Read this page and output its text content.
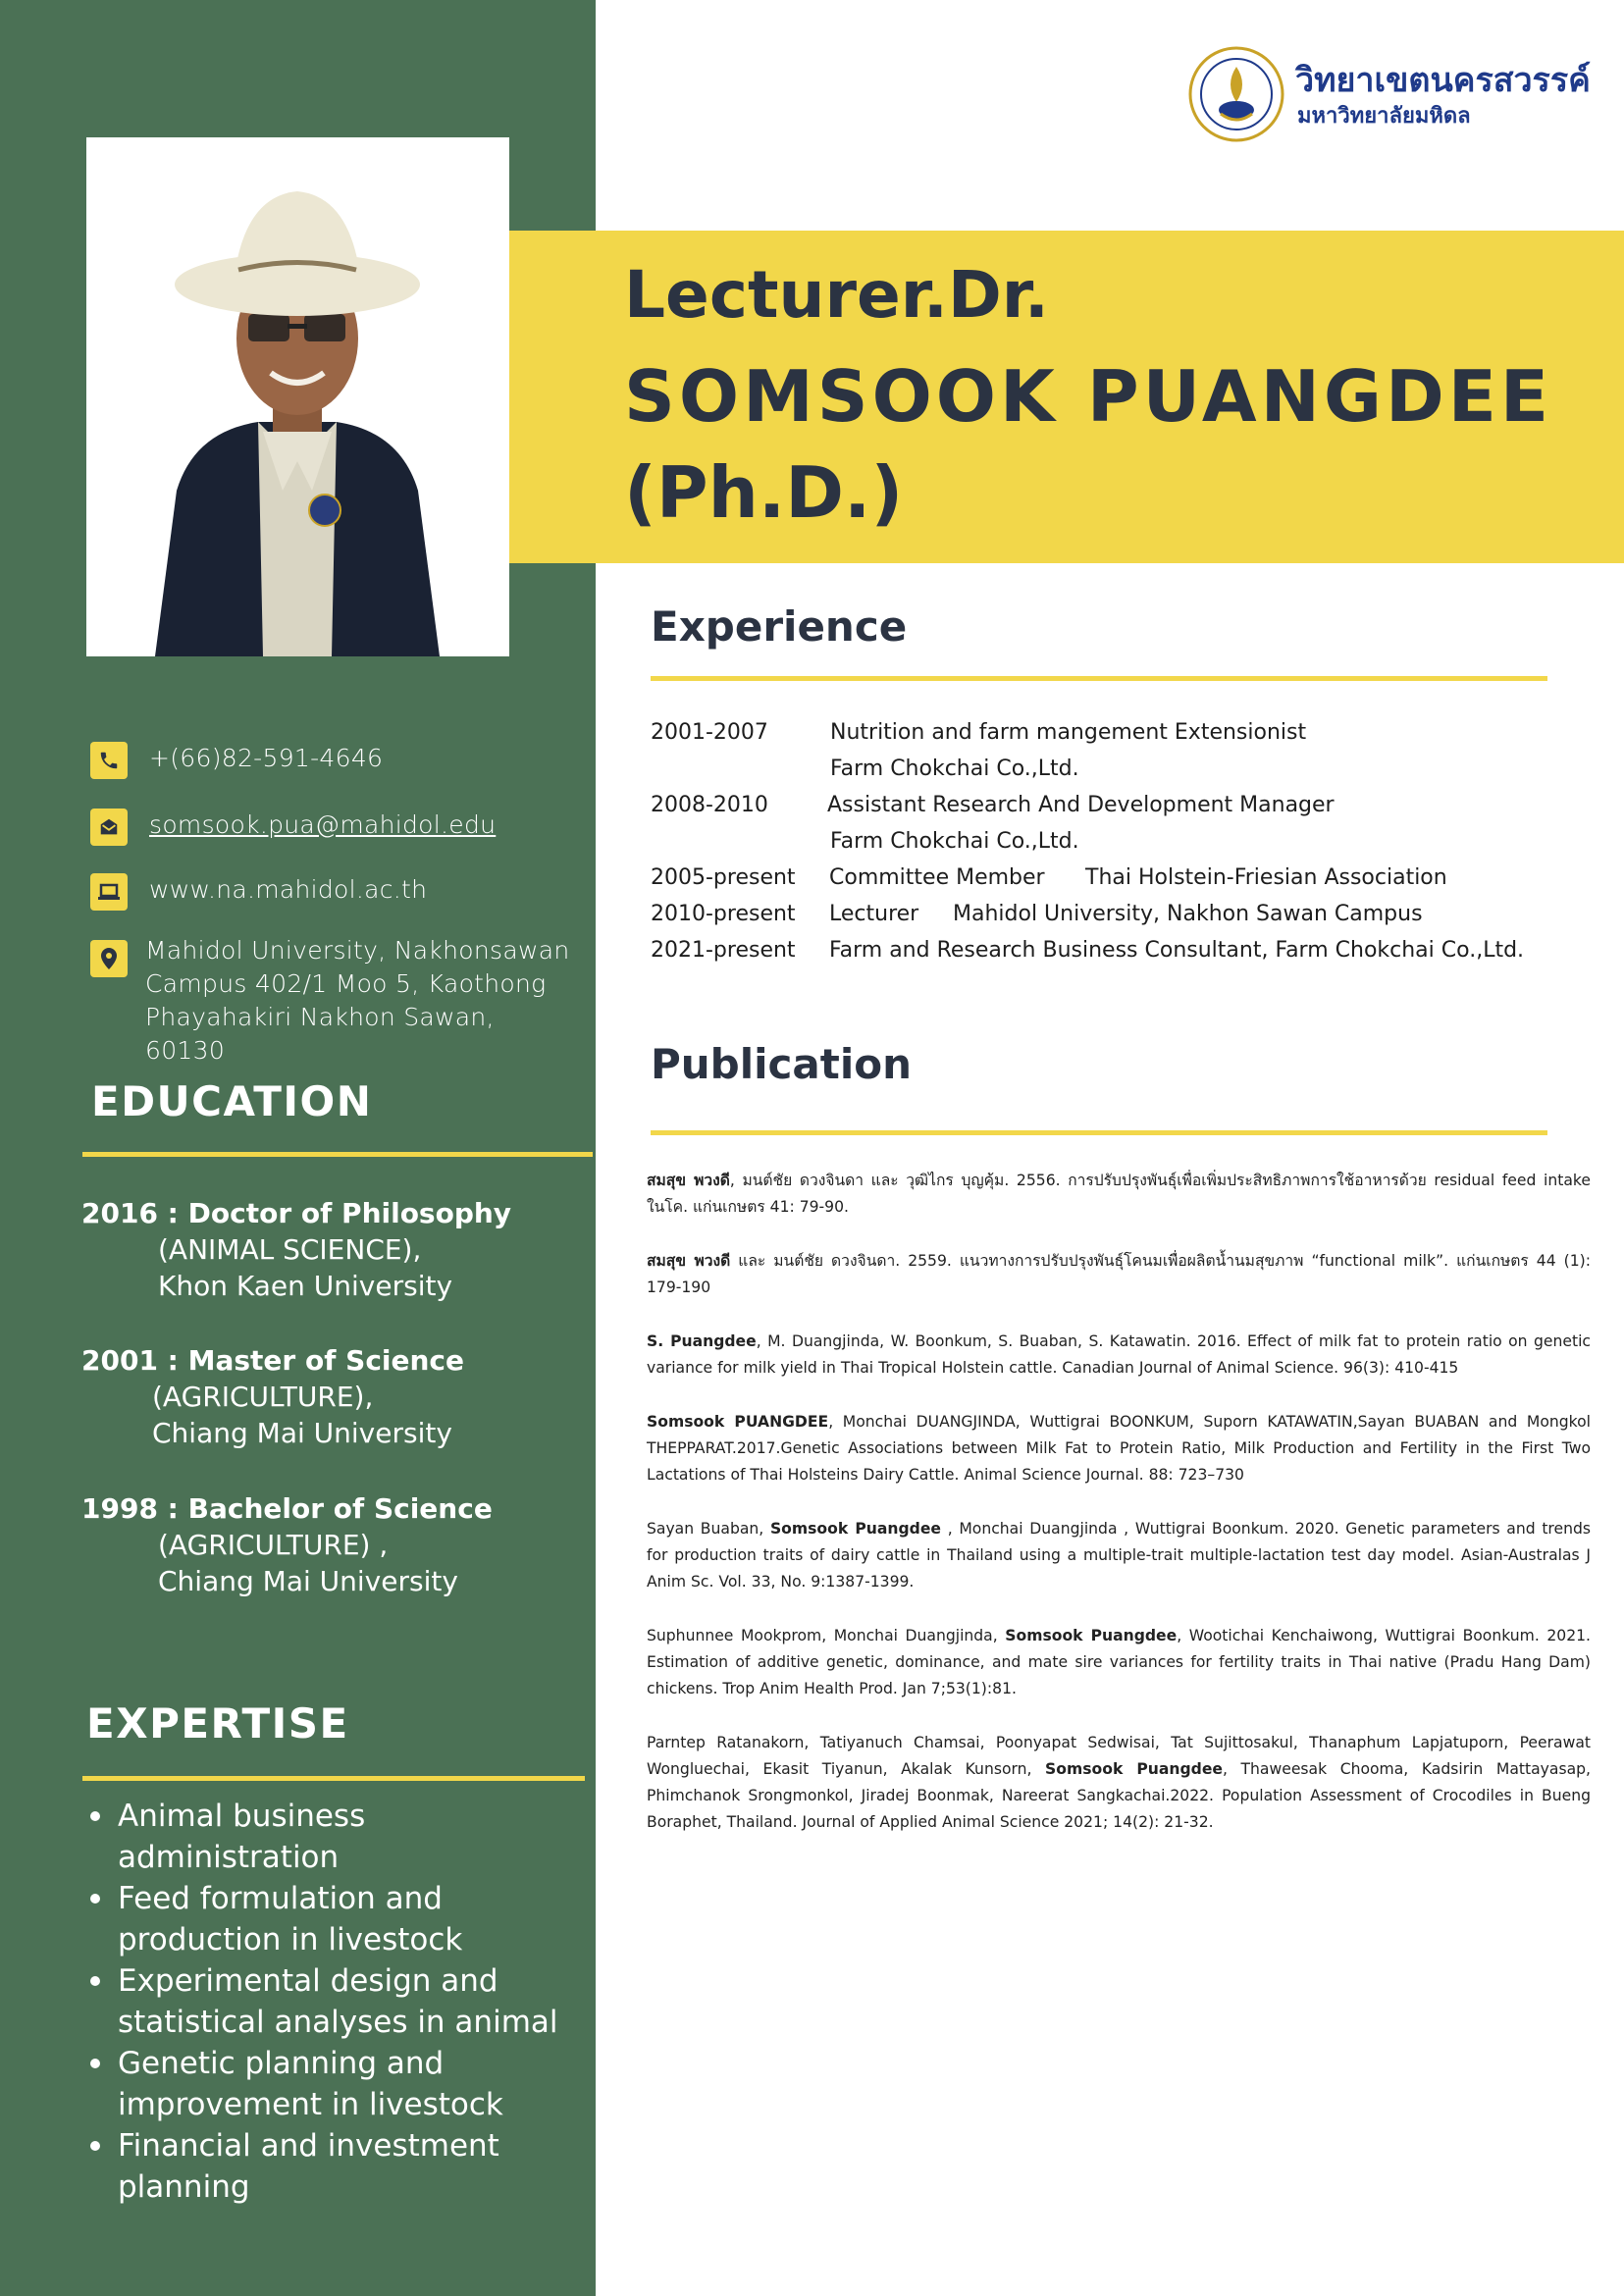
+(66)82-591-4646
somsook.pua@mahidol.edu
www.na.mahidol.ac.th
Mahidol University, Nakhonsawan
Campus 402/1 Moo 5, Kaothong
Phayahakiri Nakhon Sawan, 60130
EDUCATION
2016 : Doctor of Philosophy
(ANIMAL SCIENCE),
Khon Kaen University
2001 : Master of Science
(AGRICULTURE),
Chiang Mai University
1998 : Bachelor of Science
(AGRICULTURE) ,
Chiang Mai University
EXPERTISE
Animal business
administration
Feed formulation and
production in livestock
Experimental design and
statistical analyses in animal
Genetic planning and
improvement in livestock
Financial and investment
planning
วิทยาเขตนครสวรรค์
มหาวิทยาลัยมหิดล
Lecturer.Dr.
SOMSOOK PUANGDEE
(Ph.D.)
Experience
2001-2007	Nutrition and farm mangement Extensionist
Farm Chokchai Co.,Ltd.
2008-2010	Assistant Research And Development Manager
Farm Chokchai Co.,Ltd.
2005-present Committee Member Thai Holstein-Friesian Association
2010-present Lecturer Mahidol University, Nakhon Sawan Campus
2021-present Farm and Research Business Consultant, Farm Chokchai Co.,Ltd.
Publication
สมสุข พวงดี, มนต์ชัย ดวงจินดา และ วุฒิไกร บุญคุ้ม. 2556. การปรับปรุงพันธุ์เพื่อเพิ่มประสิทธิภาพการใช้อาหารด้วย residual feed intake ในโค. แก่นเกษตร 41: 79-90.
สมสุข พวงดี และ มนต์ชัย ดวงจินดา. 2559. แนวทางการปรับปรุงพันธุ์โคนมเพื่อผลิตน้ำนมสุขภาพ “functional milk”. แก่นเกษตร 44 (1): 179-190
S. Puangdee, M. Duangjinda, W. Boonkum, S. Buaban, S. Katawatin. 2016. Effect of milk fat to protein ratio on genetic variance for milk yield in Thai Tropical Holstein cattle. Canadian Journal of Animal Science. 96(3): 410-415
Somsook PUANGDEE, Monchai DUANGJINDA, Wuttigrai BOONKUM, Suporn KATAWATIN,Sayan BUABAN and Mongkol THEPPARAT.2017.Genetic Associations between Milk Fat to Protein Ratio, Milk Production and Fertility in the First Two Lactations of Thai Holsteins Dairy Cattle. Animal Science Journal. 88: 723–730
Sayan Buaban, Somsook Puangdee , Monchai Duangjinda , Wuttigrai Boonkum. 2020. Genetic parameters and trends for production traits of dairy cattle in Thailand using a multiple-trait multiple-lactation test day model. Asian-Australas J Anim Sc. Vol. 33, No. 9:1387-1399.
Suphunnee Mookprom, Monchai Duangjinda, Somsook Puangdee, Wootichai Kenchaiwong, Wuttigrai Boonkum. 2021. Estimation of additive genetic, dominance, and mate sire variances for fertility traits in Thai native (Pradu Hang Dam) chickens. Trop Anim Health Prod. Jan 7;53(1):81.
Parntep Ratanakorn, Tatiyanuch Chamsai, Poonyapat Sedwisai, Tat Sujittosakul, Thanaphum Lapjatuporn, Peerawat Wongluechai, Ekasit Tiyanun, Akalak Kunsorn, Somsook Puangdee, Thaweesak Chooma, Kadsirin Mattayasap, Phimchanok Srongmonkol, Jiradej Boonmak, Nareerat Sangkachai.2022. Population Assessment of Crocodiles in Bueng Boraphet, Thailand. Journal of Applied Animal Science 2021; 14(2): 21-32.
